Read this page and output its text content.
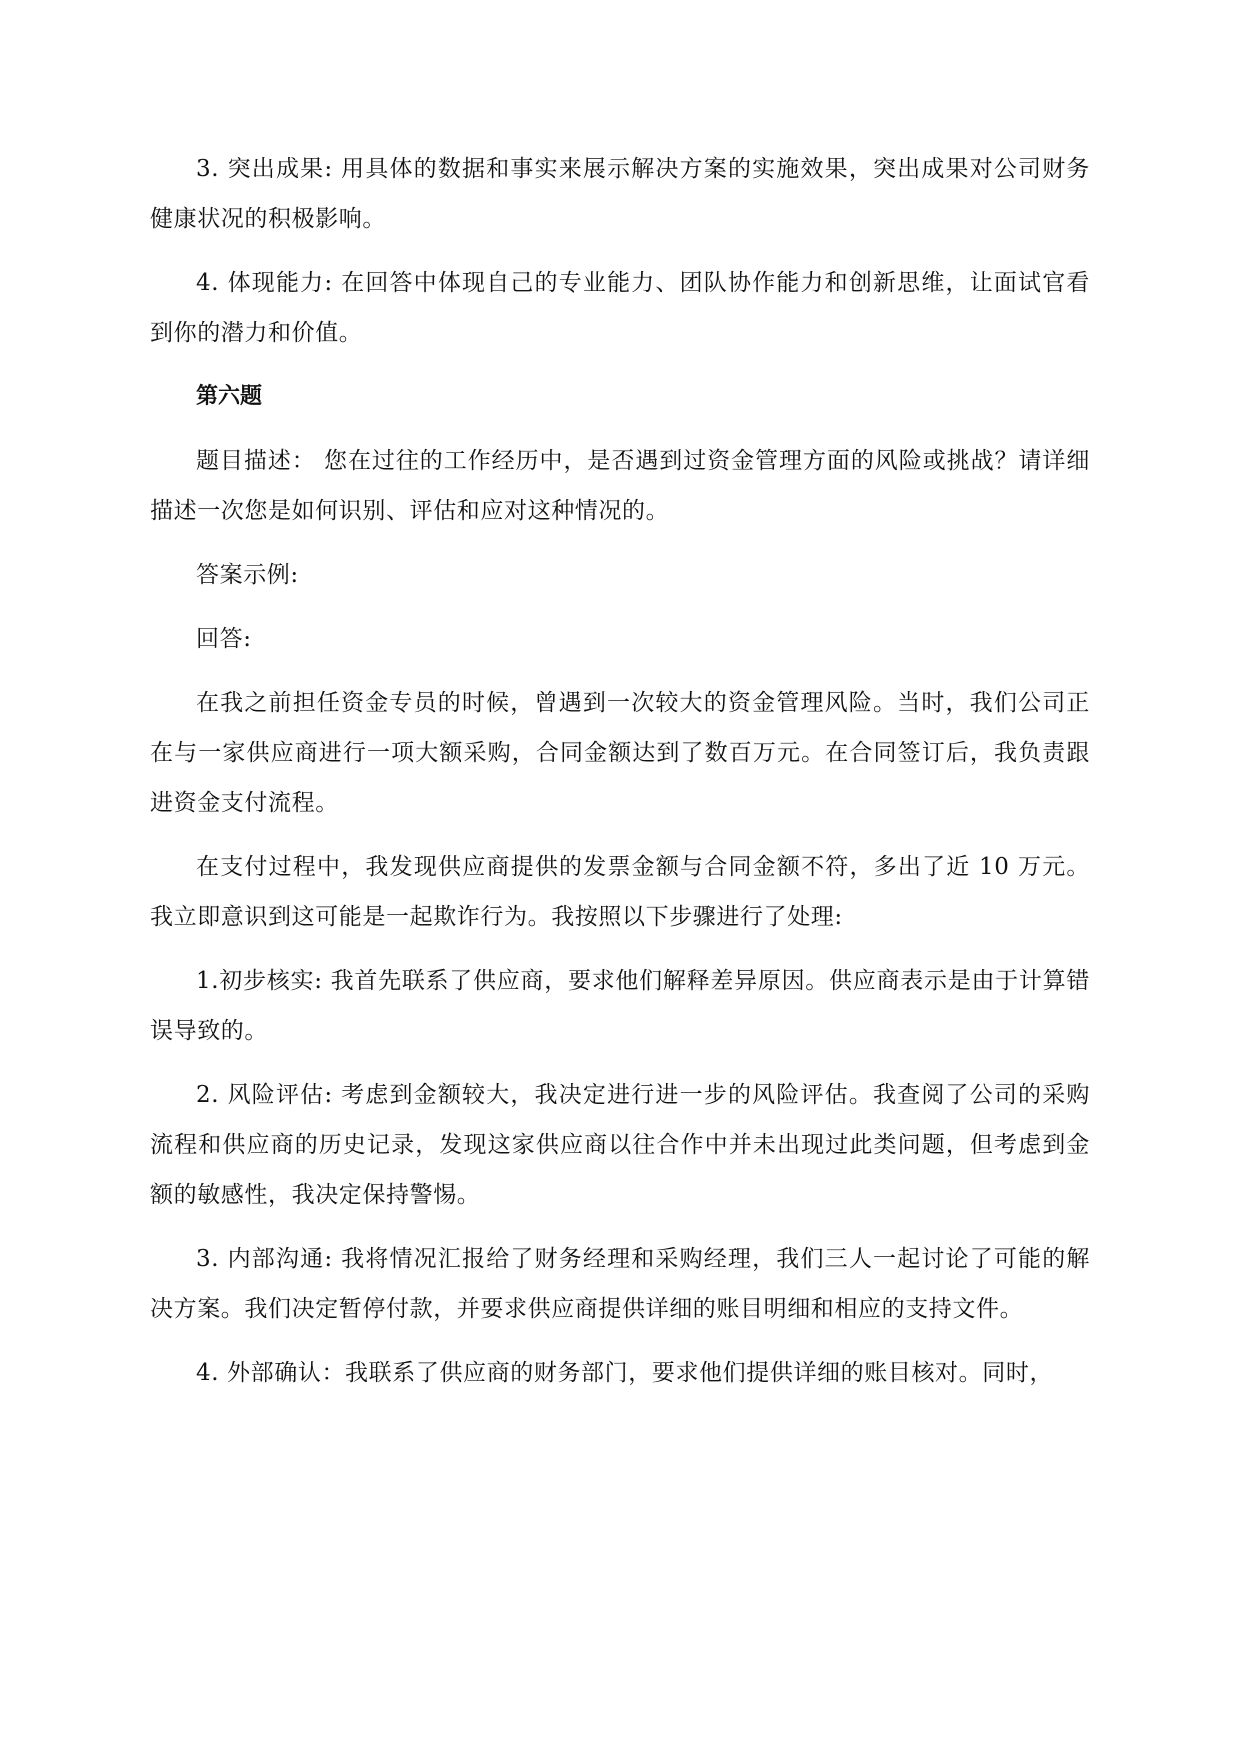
3. 突出成果: 用具体的数据和事实来展示解决方案的实施效果，突出成果对公司财务健康状况的积极影响。

4. 体现能力: 在回答中体现自己的专业能力、团队协作能力和创新思维，让面试官看到你的潜力和价值。

第六题

题目描述： 您在过往的工作经历中，是否遇到过资金管理方面的风险或挑战？请详细描述一次您是如何识别、评估和应对这种情况的。

答案示例:

回答:

在我之前担任资金专员的时候，曾遇到一次较大的资金管理风险。当时，我们公司正在与一家供应商进行一项大额采购，合同金额达到了数百万元。在合同签订后，我负责跟进资金支付流程。

在支付过程中，我发现供应商提供的发票金额与合同金额不符，多出了近 10 万元。我立即意识到这可能是一起欺诈行为。我按照以下步骤进行了处理:

1.初步核实: 我首先联系了供应商，要求他们解释差异原因。供应商表示是由于计算错误导致的。

2. 风险评估: 考虑到金额较大，我决定进行进一步的风险评估。我查阅了公司的采购流程和供应商的历史记录，发现这家供应商以往合作中并未出现过此类问题，但考虑到金额的敏感性，我决定保持警惕。

3. 内部沟通: 我将情况汇报给了财务经理和采购经理，我们三人一起讨论了可能的解决方案。我们决定暂停付款，并要求供应商提供详细的账目明细和相应的支持文件。

4. 外部确认：我联系了供应商的财务部门，要求他们提供详细的账目核对。同时，
